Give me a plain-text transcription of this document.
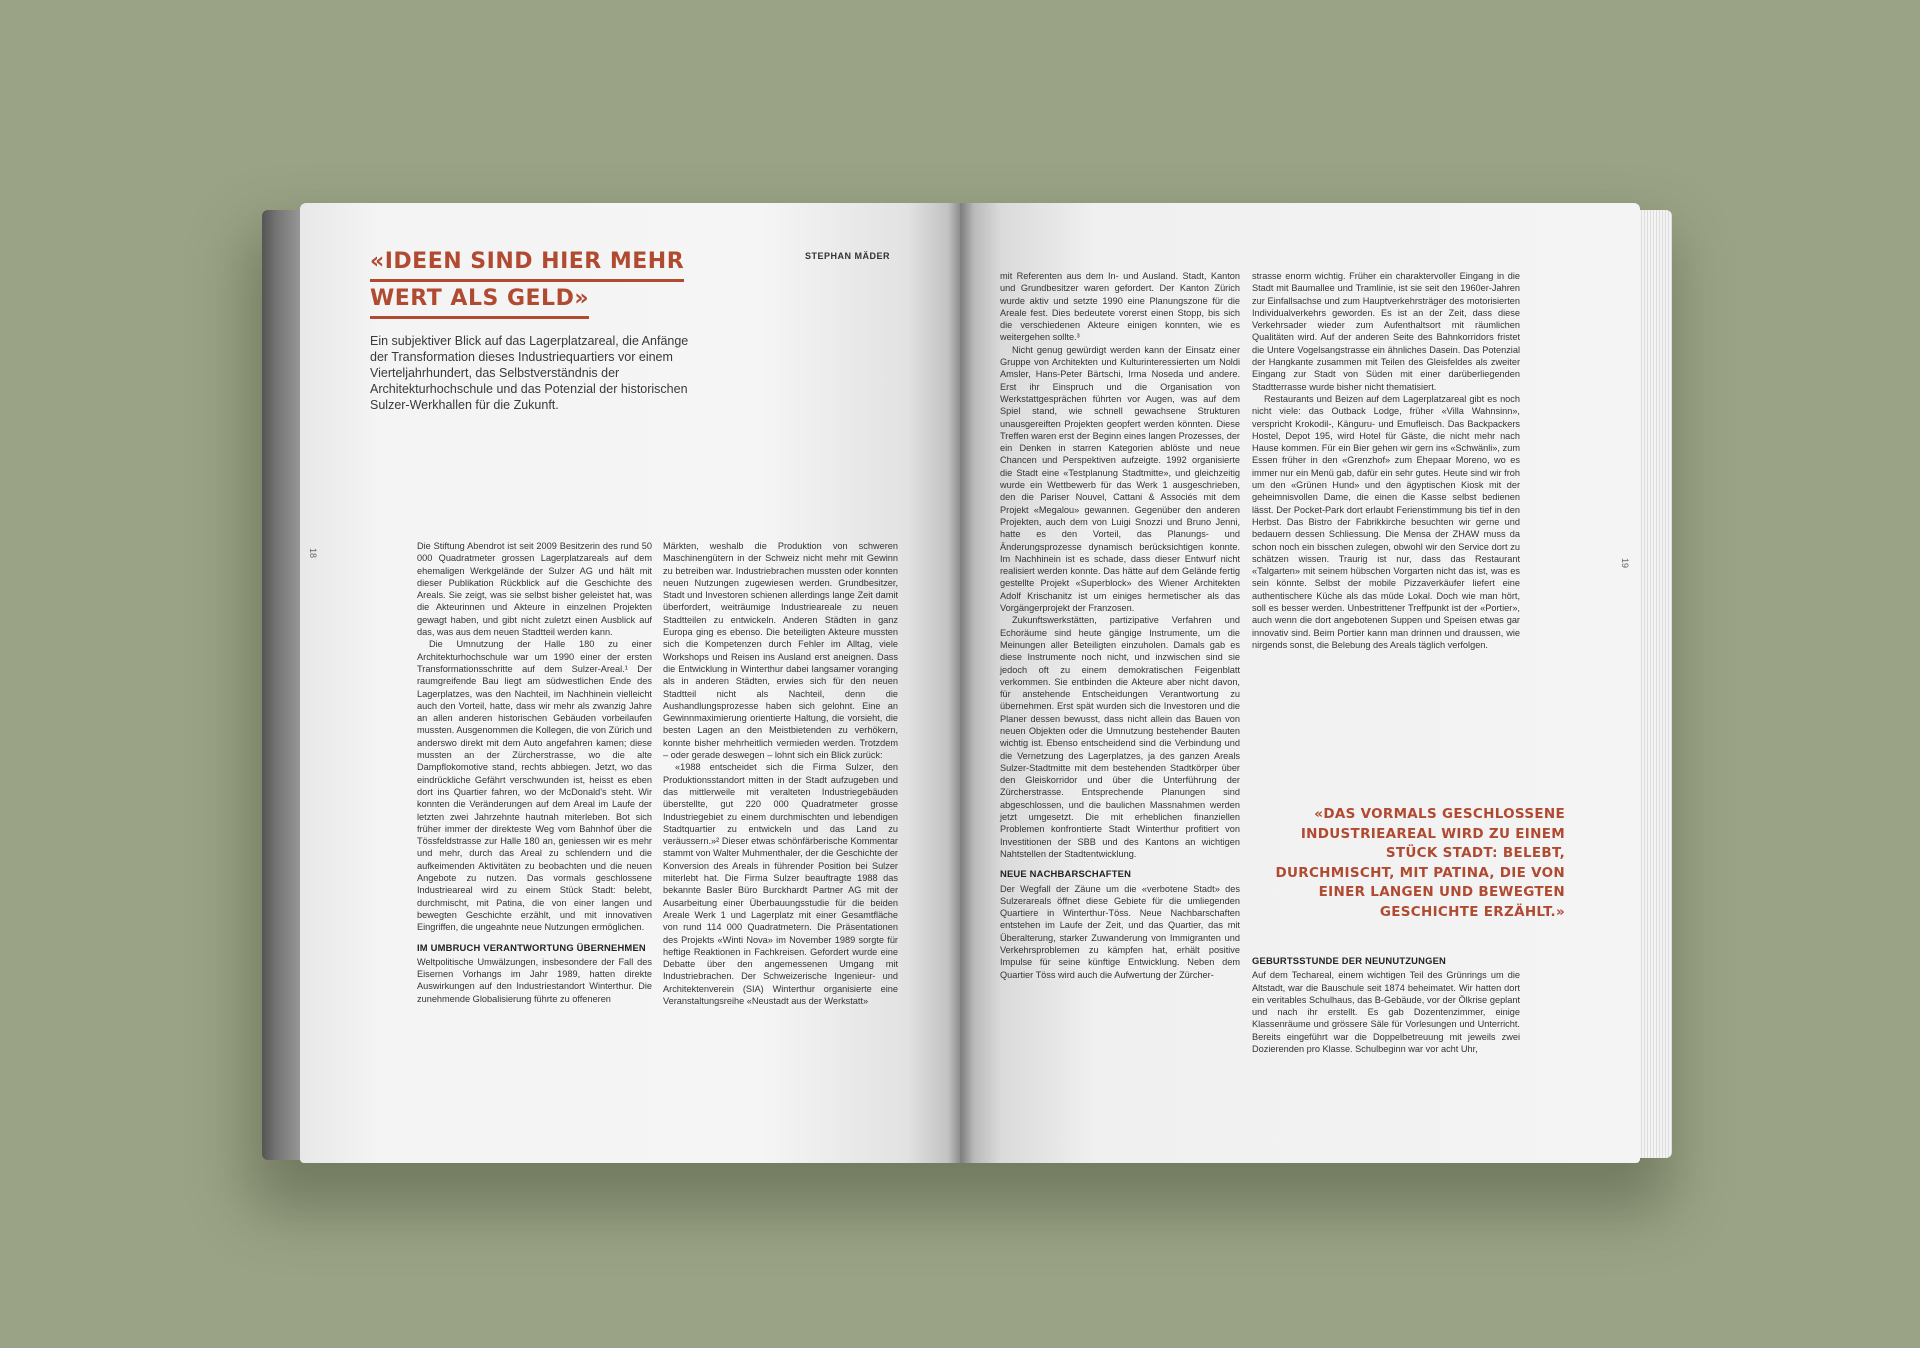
«IDEEN SIND HIER MEHR
WERT ALS GELD»
STEPHAN MÄDER
Ein subjektiver Blick auf das Lagerplatzareal, die Anfänge der Transformation dieses Industriequartiers vor einem Vierteljahrhundert, das Selbstverständnis der Architekturhochschule und das Potenzial der historischen Sulzer-Werkhallen für die Zukunft.
18

Die Stiftung Abendrot ist seit 2009 Besitzerin des rund 50 000 Quadratmeter grossen Lagerplatzareals auf dem ehemaligen Werkgelände der Sulzer AG und hält mit dieser Publikation Rückblick auf die Geschichte des Areals. Sie zeigt, was sie selbst bisher geleistet hat, was die Akteurinnen und Akteure in einzelnen Projekten gewagt haben, und gibt nicht zuletzt einen Ausblick auf das, was aus dem neuen Stadtteil werden kann.

Die Umnutzung der Halle 180 zu einer Architekturhochschule war um 1990 einer der ersten Transformationsschritte auf dem Sulzer-Areal.¹ Der raumgreifende Bau liegt am südwestlichen Ende des Lagerplatzes, was den Nachteil, im Nachhinein vielleicht auch den Vorteil, hatte, dass wir mehr als zwanzig Jahre an allen anderen historischen Gebäuden vorbeilaufen mussten. Ausgenommen die Kollegen, die von Zürich und anderswo direkt mit dem Auto angefahren kamen; diese mussten an der Zürcherstrasse, wo die alte Dampflokomotive stand, rechts abbiegen. Jetzt, wo das eindrückliche Gefährt verschwunden ist, heisst es eben dort ins Quartier fahren, wo der McDonald's steht. Wir konnten die Veränderungen auf dem Areal im Laufe der letzten zwei Jahrzehnte hautnah miterleben. Bot sich früher immer der direkteste Weg vom Bahnhof über die Tössfeldstrasse zur Halle 180 an, geniessen wir es mehr und mehr, durch das Areal zu schlendern und die aufkeimenden Aktivitäten zu beobachten und die neuen Angebote zu nutzen. Das vormals geschlossene Industrieareal wird zu einem Stück Stadt: belebt, durchmischt, mit Patina, die von einer langen und bewegten Geschichte erzählt, und mit innovativen Eingriffen, die ungeahnte neue Nutzungen ermöglichen.

IM UMBRUCH VERANTWORTUNG ÜBERNEHMEN

Weltpolitische Umwälzungen, insbesondere der Fall des Eisernen Vorhangs im Jahr 1989, hatten direkte Auswirkungen auf den Industriestandort Winterthur. Die zunehmende Globalisierung führte zu offeneren

Märkten, weshalb die Produktion von schweren Maschinengütern in der Schweiz nicht mehr mit Gewinn zu betreiben war. Industriebrachen mussten oder konnten neuen Nutzungen zugewiesen werden. Grundbesitzer, Stadt und Investoren schienen allerdings lange Zeit damit überfordert, weiträumige Industrieareale zu neuen Stadtteilen zu entwickeln. Anderen Städten in ganz Europa ging es ebenso. Die beteiligten Akteure mussten sich die Kompetenzen durch Fehler im Alltag, viele Workshops und Reisen ins Ausland erst aneignen. Dass die Entwicklung in Winterthur dabei langsamer voranging als in anderen Städten, erwies sich für den neuen Stadtteil nicht als Nachteil, denn die Aushandlungsprozesse haben sich gelohnt. Eine an Gewinnmaximierung orientierte Haltung, die vorsieht, die besten Lagen an den Meistbietenden zu verhökern, konnte bisher mehrheitlich vermieden werden. Trotzdem – oder gerade deswegen – lohnt sich ein Blick zurück:

«1988 entscheidet sich die Firma Sulzer, den Produktionsstandort mitten in der Stadt aufzugeben und das mittlerweile mit veralteten Industriegebäuden überstellte, gut 220 000 Quadratmeter grosse Industriegebiet zu einem durchmischten und lebendigen Stadtquartier zu entwickeln und das Land zu veräussern.»² Dieser etwas schönfärberische Kommentar stammt von Walter Muhmenthaler, der die Geschichte der Konversion des Areals in führender Position bei Sulzer miterlebt hat. Die Firma Sulzer beauftragte 1988 das bekannte Basler Büro Burckhardt Partner AG mit der Ausarbeitung einer Überbauungsstudie für die beiden Areale Werk 1 und Lagerplatz mit einer Gesamtfläche von rund 114 000 Quadratmetern. Die Präsentationen des Projekts «Winti Nova» im November 1989 sorgte für heftige Reaktionen in Fachkreisen. Gefordert wurde eine Debatte über den angemessenen Umgang mit Industriebrachen. Der Schweizerische Ingenieur- und Architektenverein (SIA) Winterthur organisierte eine Veranstaltungsreihe «Neustadt aus der Werkstatt»

19

mit Referenten aus dem In- und Ausland. Stadt, Kanton und Grundbesitzer waren gefordert. Der Kanton Zürich wurde aktiv und setzte 1990 eine Planungszone für die Areale fest. Dies bedeutete vorerst einen Stopp, bis sich die verschiedenen Akteure einigen konnten, wie es weitergehen sollte.³

Nicht genug gewürdigt werden kann der Einsatz einer Gruppe von Architekten und Kulturinteressierten um Noldi Amsler, Hans-Peter Bärtschi, Irma Noseda und andere. Erst ihr Einspruch und die Organisation von Werkstattgesprächen führten vor Augen, was auf dem Spiel stand, wie schnell gewachsene Strukturen unausgereiften Projekten geopfert werden könnten. Diese Treffen waren erst der Beginn eines langen Prozesses, der ein Denken in starren Kategorien ablöste und neue Chancen und Perspektiven aufzeigte. 1992 organisierte die Stadt eine «Testplanung Stadtmitte», und gleichzeitig wurde ein Wettbewerb für das Werk 1 ausgeschrieben, den die Pariser Nouvel, Cattani & Associés mit dem Projekt «Megalou» gewannen. Gegenüber den anderen Projekten, auch dem von Luigi Snozzi und Bruno Jenni, hatte es den Vorteil, das Planungs- und Änderungsprozesse dynamisch berücksichtigen konnte. Im Nachhinein ist es schade, dass dieser Entwurf nicht realisiert werden konnte. Das hätte auf dem Gelände fertig gestellte Projekt «Superblock» des Wiener Architekten Adolf Krischanitz ist um einiges hermetischer als das Vorgängerprojekt der Franzosen.

Zukunftswerkstätten, partizipative Verfahren und Echoräume sind heute gängige Instrumente, um die Meinungen aller Beteiligten einzuholen. Damals gab es diese Instrumente noch nicht, und inzwischen sind sie jedoch oft zu einem demokratischen Feigenblatt verkommen. Sie entbinden die Akteure aber nicht davon, für anstehende Entscheidungen Verantwortung zu übernehmen. Erst spät wurden sich die Investoren und die Planer dessen bewusst, dass nicht allein das Bauen von neuen Objekten oder die Umnutzung bestehender Bauten wichtig ist. Ebenso entscheidend sind die Verbindung und die Vernetzung des Lagerplatzes, ja des ganzen Areals Sulzer-Stadtmitte mit dem bestehenden Stadtkörper über den Gleiskorridor und über die Unterführung der Zürcherstrasse. Entsprechende Planungen sind abgeschlossen, und die baulichen Massnahmen werden jetzt umgesetzt. Die mit erheblichen finanziellen Problemen konfrontierte Stadt Winterthur profitiert von Investitionen der SBB und des Kantons an wichtigen Nahtstellen der Stadtentwicklung.

NEUE NACHBARSCHAFTEN

Der Wegfall der Zäune um die «verbotene Stadt» des Sulzerareals öffnet diese Gebiete für die umliegenden Quartiere in Winterthur-Töss. Neue Nachbarschaften entstehen im Laufe der Zeit, und das Quartier, das mit Überalterung, starker Zuwanderung von Immigranten und Verkehrsproblemen zu kämpfen hat, erhält positive Impulse für seine künftige Entwicklung. Neben dem Quartier Töss wird auch die Aufwertung der Zürcher-

strasse enorm wichtig. Früher ein charaktervoller Eingang in die Stadt mit Baumallee und Tramlinie, ist sie seit den 1960er-Jahren zur Einfallsachse und zum Hauptverkehrsträger des motorisierten Individualverkehrs geworden. Es ist an der Zeit, dass diese Verkehrsader wieder zum Aufenthaltsort mit räumlichen Qualitäten wird. Auf der anderen Seite des Bahnkorridors fristet die Untere Vogelsangstrasse ein ähnliches Dasein. Das Potenzial der Hangkante zusammen mit Teilen des Gleisfeldes als zweiter Eingang zur Stadt von Süden mit einer darüberliegenden Stadtterrasse wurde bisher nicht thematisiert.

Restaurants und Beizen auf dem Lagerplatzareal gibt es noch nicht viele: das Outback Lodge, früher «Villa Wahnsinn», verspricht Krokodil-, Känguru- und Emufleisch. Das Backpackers Hostel, Depot 195, wird Hotel für Gäste, die nicht mehr nach Hause kommen. Für ein Bier gehen wir gern ins «Schwänli», zum Essen früher in den «Grenzhof» zum Ehepaar Moreno, wo es immer nur ein Menü gab, dafür ein sehr gutes. Heute sind wir froh um den «Grünen Hund» und den ägyptischen Kiosk mit der geheimnisvollen Dame, die einen die Kasse selbst bedienen lässt. Der Pocket-Park dort erlaubt Ferienstimmung bis tief in den Herbst. Das Bistro der Fabrikkirche besuchten wir gerne und bedauern dessen Schliessung. Die Mensa der ZHAW muss da schon noch ein bisschen zulegen, obwohl wir den Service dort zu schätzen wissen. Traurig ist nur, dass das Restaurant «Talgarten» mit seinem hübschen Vorgarten nicht das ist, was es sein könnte. Selbst der mobile Pizzaverkäufer liefert eine authentischere Küche als das müde Lokal. Doch wie man hört, soll es besser werden. Unbestrittener Treffpunkt ist der «Portier», auch wenn die dort angebotenen Suppen und Speisen etwas gar innovativ sind. Beim Portier kann man drinnen und draussen, wie nirgends sonst, die Belebung des Areals täglich verfolgen.

«DAS VORMALS GESCHLOSSENE INDUSTRIEAREAL WIRD ZU EINEM STÜCK STADT: BELEBT, DURCHMISCHT, MIT PATINA, DIE VON EINER LANGEN UND BEWEGTEN GESCHICHTE ERZÄHLT.»
GEBURTSSTUNDE DER NEUNUTZUNGEN

Auf dem Techareal, einem wichtigen Teil des Grünrings um die Altstadt, war die Bauschule seit 1874 beheimatet. Wir hatten dort ein veritables Schulhaus, das B-Gebäude, vor der Ölkrise geplant und nach ihr erstellt. Es gab Dozentenzimmer, einige Klassenräume und grössere Säle für Vorlesungen und Unterricht. Bereits eingeführt war die Doppelbetreuung mit jeweils zwei Dozierenden pro Klasse. Schulbeginn war vor acht Uhr,
